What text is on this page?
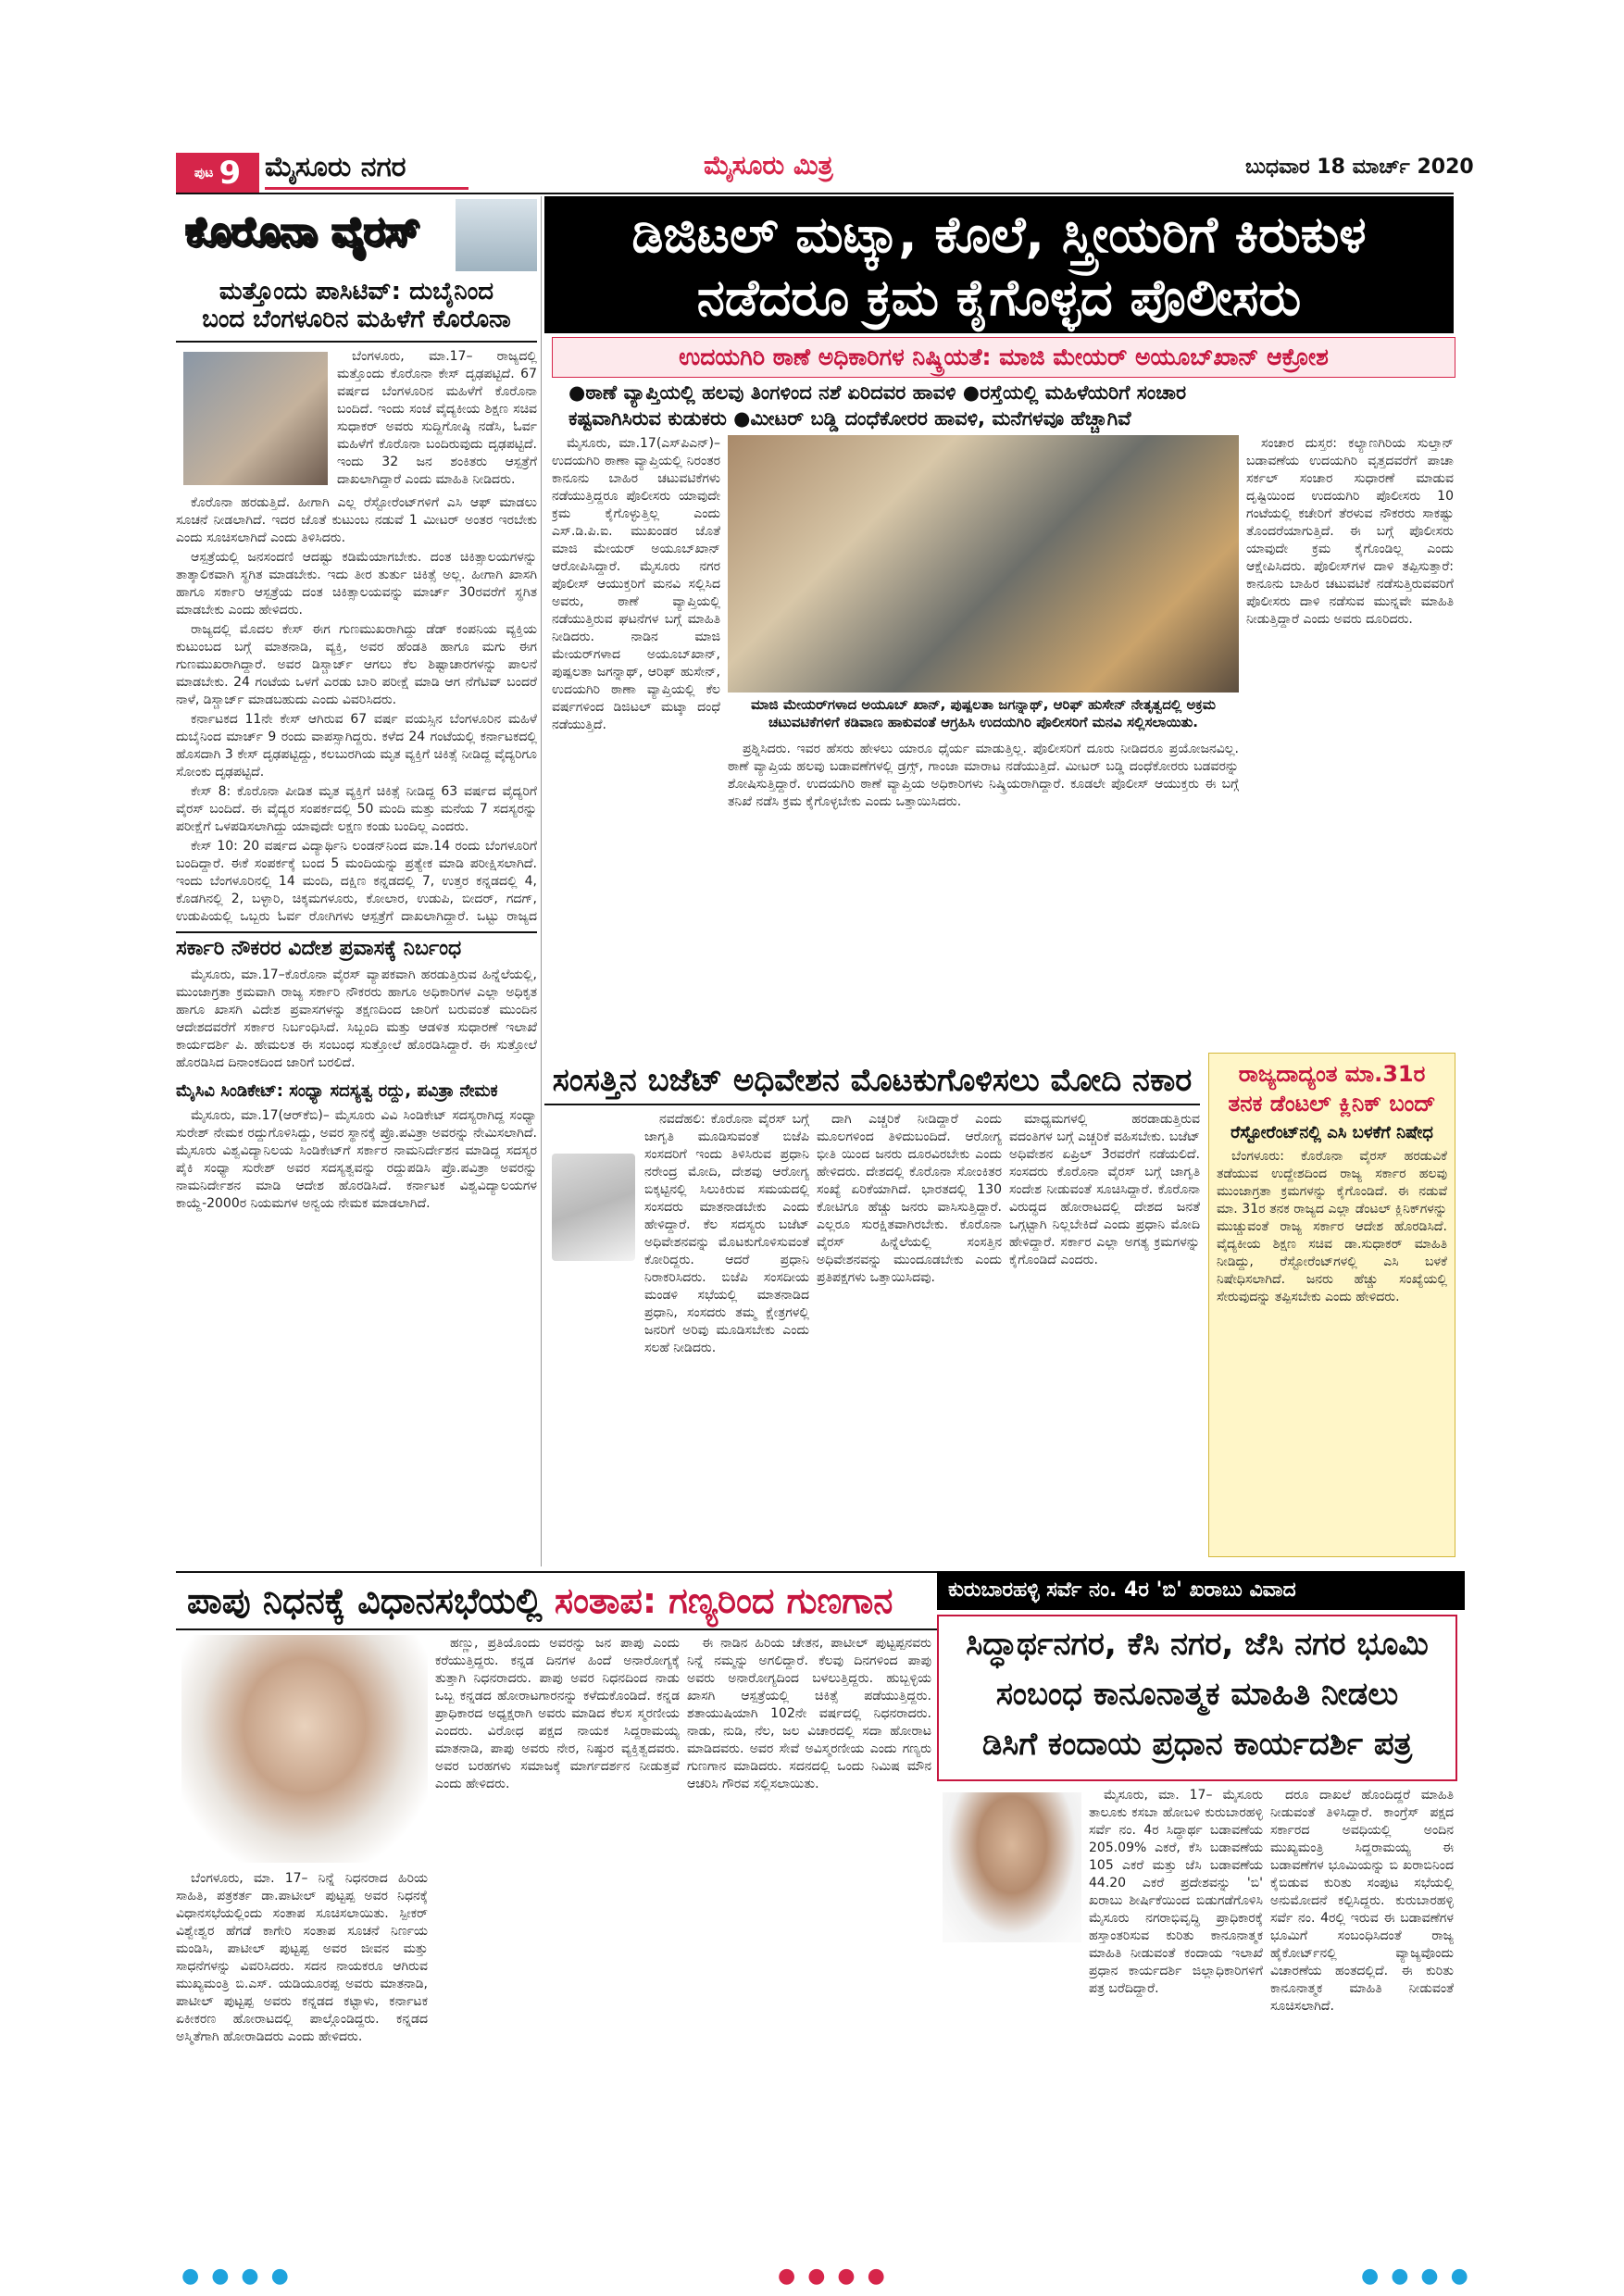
ಪುಟ 9 ಮೈಸೂರು ನಗರ	ಮೈಸೂರು ಮಿತ್ರ	ಬುಧವಾರ 18 ಮಾರ್ಚ್ 2020
ಕೊರೊನಾ ವೈರಸ್
ಮತ್ತೊಂದು ಪಾಸಿಟಿವ್: ದುಬೈನಿಂದ
ಬಂದ ಬೆಂಗಳೂರಿನ ಮಹಿಳೆಗೆ ಕೊರೊನಾ

ಬೆಂಗಳೂರು, ಮಾ.17– ರಾಜ್ಯದಲ್ಲಿ ಮತ್ತೊಂದು ಕೊರೊನಾ ಕೇಸ್ ದೃಢಪಟ್ಟಿದೆ. 67 ವರ್ಷದ ಬೆಂಗಳೂರಿನ ಮಹಿಳೆಗೆ ಕೊರೊನಾ ಬಂದಿದೆ. ಇಂದು ಸಂಜೆ ವೈದ್ಯಕೀಯ ಶಿಕ್ಷಣ ಸಚಿವ ಸುಧಾಕರ್ ಅವರು ಸುದ್ದಿಗೋಷ್ಠಿ ನಡೆಸಿ, ಓರ್ವ ಮಹಿಳೆಗೆ ಕೊರೊನಾ ಬಂದಿರುವುದು ದೃಢಪಟ್ಟಿದೆ. ಇಂದು 32 ಜನ ಶಂಕಿತರು ಆಸ್ಪತ್ರೆಗೆ ದಾಖಲಾಗಿದ್ದಾರೆ ಎಂದು ಮಾಹಿತಿ ನೀಡಿದರು.

ಕೊರೊನಾ ಹರಡುತ್ತಿದೆ. ಹೀಗಾಗಿ ಎಲ್ಲ ರೆಸ್ಟೋರೆಂಟ್‌ಗಳಿಗೆ ಎಸಿ ಆಫ್ ಮಾಡಲು ಸೂಚನೆ ನೀಡಲಾಗಿದೆ. ಇದರ ಜೊತೆ ಕುಟುಂಬ ನಡುವೆ 1 ಮೀಟರ್ ಅಂತರ ಇರಬೇಕು ಎಂದು ಸೂಚಿಸಲಾಗಿದೆ ಎಂದು ತಿಳಿಸಿದರು.

ಆಸ್ಪತ್ರೆಯಲ್ಲಿ ಜನಸಂದಣಿ ಆದಷ್ಟು ಕಡಿಮೆಯಾಗಬೇಕು. ದಂತ ಚಿಕಿತ್ಸಾಲಯಗಳನ್ನು ತಾತ್ಕಾಲಿಕವಾಗಿ ಸ್ಥಗಿತ ಮಾಡಬೇಕು. ಇದು ತೀರ ತುರ್ತು ಚಿಕಿತ್ಸೆ ಅಲ್ಲ. ಹೀಗಾಗಿ ಖಾಸಗಿ ಹಾಗೂ ಸರ್ಕಾರಿ ಆಸ್ಪತ್ರೆಯ ದಂತ ಚಿಕಿತ್ಸಾಲಯವನ್ನು ಮಾರ್ಚ್ 30ರವರೆಗೆ ಸ್ಥಗಿತ ಮಾಡಬೇಕು ಎಂದು ಹೇಳಿದರು.

ರಾಜ್ಯದಲ್ಲಿ ಮೊದಲ ಕೇಸ್ ಈಗ ಗುಣಮುಖರಾಗಿದ್ದು ಡೆಡ್ ಕಂಪನಿಯ ವ್ಯಕ್ತಿಯ ಕುಟುಂಬದ ಬಗ್ಗೆ ಮಾತನಾಡಿ, ವ್ಯಕ್ತಿ, ಅವರ ಹೆಂಡತಿ ಹಾಗೂ ಮಗು ಈಗ ಗುಣಮುಖರಾಗಿದ್ದಾರೆ. ಅವರ ಡಿಸ್ಚಾರ್ಜ್ ಆಗಲು ಕೆಲ ಶಿಷ್ಟಾಚಾರಗಳನ್ನು ಪಾಲನೆ ಮಾಡಬೇಕು. 24 ಗಂಟೆಯ ಒಳಗೆ ಎರಡು ಬಾರಿ ಪರೀಕ್ಷೆ ಮಾಡಿ ಆಗ ನೆಗೆಟಿವ್ ಬಂದರೆ ನಾಳೆ, ಡಿಸ್ಚಾರ್ಜ್ ಮಾಡಬಹುದು ಎಂದು ವಿವರಿಸಿದರು.

ಕರ್ನಾಟಕದ 11ನೇ ಕೇಸ್ ಆಗಿರುವ 67 ವರ್ಷ ವಯಸ್ಸಿನ ಬೆಂಗಳೂರಿನ ಮಹಿಳೆ ದುಬೈನಿಂದ ಮಾರ್ಚ್ 9 ರಂದು ವಾಪಸ್ಸಾಗಿದ್ದರು. ಕಳೆದ 24 ಗಂಟೆಯಲ್ಲಿ ಕರ್ನಾಟಕದಲ್ಲಿ ಹೊಸದಾಗಿ 3 ಕೇಸ್ ದೃಢಪಟ್ಟಿದ್ದು, ಕಲಬುರಗಿಯ ಮೃತ ವ್ಯಕ್ತಿಗೆ ಚಿಕಿತ್ಸೆ ನೀಡಿದ್ದ ವೈದ್ಯರಿಗೂ ಸೋಂಕು ದೃಢಪಟ್ಟಿದೆ.

ಕೇಸ್ 8: ಕೊರೊನಾ ಪೀಡಿತ ಮೃತ ವ್ಯಕ್ತಿಗೆ ಚಿಕಿತ್ಸೆ ನೀಡಿದ್ದ 63 ವರ್ಷದ ವೈದ್ಯರಿಗೆ ವೈರಸ್ ಬಂದಿದೆ. ಈ ವೈದ್ಯರ ಸಂಪರ್ಕದಲ್ಲಿ 50 ಮಂದಿ ಮತ್ತು ಮನೆಯ 7 ಸದಸ್ಯರನ್ನು ಪರೀಕ್ಷೆಗೆ ಒಳಪಡಿಸಲಾಗಿದ್ದು ಯಾವುದೇ ಲಕ್ಷಣ ಕಂಡು ಬಂದಿಲ್ಲ ಎಂದರು.

ಕೇಸ್ 10: 20 ವರ್ಷದ ವಿದ್ಯಾರ್ಥಿನಿ ಲಂಡನ್‌ನಿಂದ ಮಾ.14 ರಂದು ಬೆಂಗಳೂರಿಗೆ ಬಂದಿದ್ದಾರೆ. ಈಕೆ ಸಂಪರ್ಕಕ್ಕೆ ಬಂದ 5 ಮಂದಿಯನ್ನು ಪ್ರತ್ಯೇಕ ಮಾಡಿ ಪರೀಕ್ಷಿಸಲಾಗಿದೆ. ಇಂದು ಬೆಂಗಳೂರಿನಲ್ಲಿ 14 ಮಂದಿ, ದಕ್ಷಿಣ ಕನ್ನಡದಲ್ಲಿ 7, ಉತ್ತರ ಕನ್ನಡದಲ್ಲಿ 4, ಕೊಡಗಿನಲ್ಲಿ 2, ಬಳ್ಳಾರಿ, ಚಿಕ್ಕಮಗಳೂರು, ಕೋಲಾರ, ಉಡುಪಿ, ಬೀದರ್, ಗದಗ್, ಉಡುಪಿಯಲ್ಲಿ ಒಬ್ಬರು ಓರ್ವ ರೋಗಿಗಳು ಆಸ್ಪತ್ರೆಗೆ ದಾಖಲಾಗಿದ್ದಾರೆ. ಒಟ್ಟು ರಾಜ್ಯದ

ಸರ್ಕಾರಿ ನೌಕರರ ವಿದೇಶ ಪ್ರವಾಸಕ್ಕೆ ನಿರ್ಬಂಧ

ಮೈಸೂರು, ಮಾ.17–ಕೊರೊನಾ ವೈರಸ್ ವ್ಯಾಪಕವಾಗಿ ಹರಡುತ್ತಿರುವ ಹಿನ್ನೆಲೆಯಲ್ಲಿ, ಮುಂಜಾಗ್ರತಾ ಕ್ರಮವಾಗಿ ರಾಜ್ಯ ಸರ್ಕಾರಿ ನೌಕರರು ಹಾಗೂ ಅಧಿಕಾರಿಗಳ ಎಲ್ಲಾ ಅಧಿಕೃತ ಹಾಗೂ ಖಾಸಗಿ ವಿದೇಶ ಪ್ರವಾಸಗಳನ್ನು ತಕ್ಷಣದಿಂದ ಜಾರಿಗೆ ಬರುವಂತೆ ಮುಂದಿನ ಆದೇಶದವರೆಗೆ ಸರ್ಕಾರ ನಿರ್ಬಂಧಿಸಿದೆ. ಸಿಬ್ಬಂದಿ ಮತ್ತು ಆಡಳಿತ ಸುಧಾರಣೆ ಇಲಾಖೆ ಕಾರ್ಯದರ್ಶಿ ಪಿ. ಹೇಮಲತ ಈ ಸಂಬಂಧ ಸುತ್ತೋಲೆ ಹೊರಡಿಸಿದ್ದಾರೆ. ಈ ಸುತ್ತೋಲೆ ಹೊರಡಿಸಿದ ದಿನಾಂಕದಿಂದ ಜಾರಿಗೆ ಬರಲಿದೆ.

ಮೈಸಿವಿ ಸಿಂಡಿಕೇಟ್: ಸಂಧ್ಯಾ ಸದಸ್ಯತ್ವ ರದ್ದು, ಪವಿತ್ರಾ ನೇಮಕ

ಮೈಸೂರು, ಮಾ.17(ಆರ್‌ಕೆಬಿ)– ಮೈಸೂರು ವಿವಿ ಸಿಂಡಿಕೇಟ್ ಸದಸ್ಯರಾಗಿದ್ದ ಸಂಧ್ಯಾ ಸುರೇಶ್ ನೇಮಕ ರದ್ದುಗೊಳಿಸಿದ್ದು, ಅವರ ಸ್ಥಾನಕ್ಕೆ ಪ್ರೊ.ಪವಿತ್ರಾ ಅವರನ್ನು ನೇಮಿಸಲಾಗಿದೆ. ಮೈಸೂರು ವಿಶ್ವವಿದ್ಯಾನಿಲಯ ಸಿಂಡಿಕೇಟ್‌ಗೆ ಸರ್ಕಾರ ನಾಮನಿರ್ದೇಶನ ಮಾಡಿದ್ದ ಸದಸ್ಯರ ಪೈಕಿ ಸಂಧ್ಯಾ ಸುರೇಶ್ ಅವರ ಸದಸ್ಯತ್ವವನ್ನು ರದ್ದುಪಡಿಸಿ ಪ್ರೊ.ಪವಿತ್ರಾ ಅವರನ್ನು ನಾಮನಿರ್ದೇಶನ ಮಾಡಿ ಆದೇಶ ಹೊರಡಿಸಿದೆ. ಕರ್ನಾಟಕ ವಿಶ್ವವಿದ್ಯಾಲಯಗಳ ಕಾಯ್ದೆ-2000ರ ನಿಯಮಗಳ ಅನ್ವಯ ನೇಮಕ ಮಾಡಲಾಗಿದೆ.

ಡಿಜಿಟಲ್ ಮಟ್ಕಾ, ಕೊಲೆ, ಸ್ತ್ರೀಯರಿಗೆ ಕಿರುಕುಳ
ನಡೆದರೂ ಕ್ರಮ ಕೈಗೊಳ್ಳದ ಪೊಲೀಸರು
ಉದಯಗಿರಿ ಠಾಣೆ ಅಧಿಕಾರಿಗಳ ನಿಷ್ಕ್ರಿಯತೆ: ಮಾಜಿ ಮೇಯರ್ ಅಯೂಬ್‌ಖಾನ್ ಆಕ್ರೋಶ
●ಠಾಣೆ ವ್ಯಾಪ್ತಿಯಲ್ಲಿ ಹಲವು ತಿಂಗಳಿಂದ ನಶೆ ಏರಿದವರ ಹಾವಳಿ ●ರಸ್ತೆಯಲ್ಲಿ ಮಹಿಳೆಯರಿಗೆ ಸಂಚಾರ
ಕಷ್ಟವಾಗಿಸಿರುವ ಕುಡುಕರು ●ಮೀಟರ್ ಬಡ್ಡಿ ದಂಧೆಕೋರರ ಹಾವಳಿ, ಮನೆಗಳವೂ ಹೆಚ್ಚಾಗಿವೆ

ಮೈಸೂರು, ಮಾ.17(ಎಸ್‌ಪಿಎನ್)– ಉದಯಗಿರಿ ಠಾಣಾ ವ್ಯಾಪ್ತಿಯಲ್ಲಿ ನಿರಂತರ ಕಾನೂನು ಬಾಹಿರ ಚಟುವಟಿಕೆಗಳು ನಡೆಯುತ್ತಿದ್ದರೂ ಪೊಲೀಸರು ಯಾವುದೇ ಕ್ರಮ ಕೈಗೊಳ್ಳುತ್ತಿಲ್ಲ ಎಂದು ಎಸ್.ಡಿ.ಪಿ.ಐ. ಮುಖಂಡರ ಜೊತೆ ಮಾಜಿ ಮೇಯರ್ ಅಯೂಬ್‌ಖಾನ್ ಆರೋಪಿಸಿದ್ದಾರೆ. ಮೈಸೂರು ನಗರ ಪೊಲೀಸ್ ಆಯುಕ್ತರಿಗೆ ಮನವಿ ಸಲ್ಲಿಸಿದ ಅವರು, ಠಾಣೆ ವ್ಯಾಪ್ತಿಯಲ್ಲಿ ನಡೆಯುತ್ತಿರುವ ಘಟನೆಗಳ ಬಗ್ಗೆ ಮಾಹಿತಿ ನೀಡಿದರು. ನಾಡಿನ ಮಾಜಿ ಮೇಯರ್‌ಗಳಾದ ಅಯೂಬ್‌ಖಾನ್, ಪುಷ್ಪಲತಾ ಜಗನ್ನಾಥ್, ಆರಿಫ್ ಹುಸೇನ್, ಉದಯಗಿರಿ ಠಾಣಾ ವ್ಯಾಪ್ತಿಯಲ್ಲಿ ಕೆಲ ವರ್ಷಗಳಿಂದ ಡಿಜಿಟಲ್ ಮಟ್ಕಾ ದಂಧೆ ನಡೆಯುತ್ತಿದೆ.

ಮಾಜಿ ಮೇಯರ್‌ಗಳಾದ ಅಯೂಬ್ ಖಾನ್, ಪುಷ್ಪಲತಾ ಜಗನ್ನಾಥ್, ಆರಿಫ್ ಹುಸೇನ್ ನೇತೃತ್ವದಲ್ಲಿ ಅಕ್ರಮ
ಚಟುವಟಿಕೆಗಳಿಗೆ ಕಡಿವಾಣ ಹಾಕುವಂತೆ ಆಗ್ರಹಿಸಿ ಉದಯಗಿರಿ ಪೊಲೀಸರಿಗೆ ಮನವಿ ಸಲ್ಲಿಸಲಾಯಿತು.

ಪ್ರಶ್ನಿಸಿದರು. ಇವರ ಹೆಸರು ಹೇಳಲು ಯಾರೂ ಧೈರ್ಯ ಮಾಡುತ್ತಿಲ್ಲ. ಪೊಲೀಸರಿಗೆ ದೂರು ನೀಡಿದರೂ ಪ್ರಯೋಜನವಿಲ್ಲ. ಠಾಣೆ ವ್ಯಾಪ್ತಿಯ ಹಲವು ಬಡಾವಣೆಗಳಲ್ಲಿ ಡ್ರಗ್ಸ್, ಗಾಂಜಾ ಮಾರಾಟ ನಡೆಯುತ್ತಿದೆ. ಮೀಟರ್ ಬಡ್ಡಿ ದಂಧೆಕೋರರು ಬಡವರನ್ನು ಶೋಷಿಸುತ್ತಿದ್ದಾರೆ. ಉದಯಗಿರಿ ಠಾಣೆ ವ್ಯಾಪ್ತಿಯ ಅಧಿಕಾರಿಗಳು ನಿಷ್ಕ್ರಿಯರಾಗಿದ್ದಾರೆ. ಕೂಡಲೇ ಪೊಲೀಸ್ ಆಯುಕ್ತರು ಈ ಬಗ್ಗೆ ತನಿಖೆ ನಡೆಸಿ ಕ್ರಮ ಕೈಗೊಳ್ಳಬೇಕು ಎಂದು ಒತ್ತಾಯಿಸಿದರು.

ಸಂಚಾರ ದುಸ್ತರ: ಕಲ್ಯಾಣಗಿರಿಯ ಸುಲ್ತಾನ್ ಬಡಾವಣೆಯ ಉದಯಗಿರಿ ವೃತ್ತದವರೆಗೆ ಪಾಚಾ ಸರ್ಕಲ್ ಸಂಚಾರ ಸುಧಾರಣೆ ಮಾಡುವ ದೃಷ್ಟಿಯಿಂದ ಉದಯಗಿರಿ ಪೊಲೀಸರು 10 ಗಂಟೆಯಲ್ಲಿ ಕಚೇರಿಗೆ ತೆರಳುವ ನೌಕರರು ಸಾಕಷ್ಟು ತೊಂದರೆಯಾಗುತ್ತಿದೆ. ಈ ಬಗ್ಗೆ ಪೊಲೀಸರು ಯಾವುದೇ ಕ್ರಮ ಕೈಗೊಂಡಿಲ್ಲ ಎಂದು ಆಕ್ಷೇಪಿಸಿದರು. ಪೊಲೀಸ್‌ಗಳ ದಾಳಿ ತಪ್ಪಿಸುತ್ತಾರೆ: ಕಾನೂನು ಬಾಹಿರ ಚಟುವಟಿಕೆ ನಡೆಸುತ್ತಿರುವವರಿಗೆ ಪೊಲೀಸರು ದಾಳಿ ನಡೆಸುವ ಮುನ್ನವೇ ಮಾಹಿತಿ ನೀಡುತ್ತಿದ್ದಾರೆ ಎಂದು ಅವರು ದೂರಿದರು.

ಸಂಸತ್ತಿನ ಬಜೆಟ್ ಅಧಿವೇಶನ ಮೊಟಕುಗೊಳಿಸಲು ಮೋದಿ ನಕಾರ

ನವದೆಹಲಿ: ಕೊರೊನಾ ವೈರಸ್ ಬಗ್ಗೆ ಜಾಗೃತಿ ಮೂಡಿಸುವಂತೆ ಬಿಜೆಪಿ ಸಂಸದರಿಗೆ ಇಂದು ತಿಳಿಸಿರುವ ಪ್ರಧಾನಿ ನರೇಂದ್ರ ಮೋದಿ, ದೇಶವು ಆರೋಗ್ಯ ಬಿಕ್ಕಟ್ಟಿನಲ್ಲಿ ಸಿಲುಕಿರುವ ಸಮಯದಲ್ಲಿ ಸಂಸದರು ಮಾತನಾಡಬೇಕು ಎಂದು ಹೇಳಿದ್ದಾರೆ. ಕೆಲ ಸದಸ್ಯರು ಬಜೆಟ್ ಅಧಿವೇಶನವನ್ನು ಮೊಟಕುಗೊಳಿಸುವಂತೆ ಕೋರಿದ್ದರು. ಆದರೆ ಪ್ರಧಾನಿ ನಿರಾಕರಿಸಿದರು. ಬಿಜೆಪಿ ಸಂಸದೀಯ ಮಂಡಳಿ ಸಭೆಯಲ್ಲಿ ಮಾತನಾಡಿದ ಪ್ರಧಾನಿ, ಸಂಸದರು ತಮ್ಮ ಕ್ಷೇತ್ರಗಳಲ್ಲಿ ಜನರಿಗೆ ಅರಿವು ಮೂಡಿಸಬೇಕು ಎಂದು ಸಲಹೆ ನೀಡಿದರು.

ದಾಗಿ ಎಚ್ಚರಿಕೆ ನೀಡಿದ್ದಾರೆ ಎಂದು ಮೂಲಗಳಿಂದ ತಿಳಿದುಬಂದಿದೆ. ಆರೋಗ್ಯ ಭೀತಿ ಯಿಂದ ಜನರು ದೂರವಿರಬೇಕು ಎಂದು ಹೇಳಿದರು. ದೇಶದಲ್ಲಿ ಕೊರೊನಾ ಸೋಂಕಿತರ ಸಂಖ್ಯೆ ಏರಿಕೆಯಾಗಿದೆ. ಭಾರತದಲ್ಲಿ 130 ಕೋಟಿಗೂ ಹೆಚ್ಚು ಜನರು ವಾಸಿಸುತ್ತಿದ್ದಾರೆ. ಎಲ್ಲರೂ ಸುರಕ್ಷಿತವಾಗಿರಬೇಕು. ಕೊರೊನಾ ವೈರಸ್ ಹಿನ್ನೆಲೆಯಲ್ಲಿ ಸಂಸತ್ತಿನ ಅಧಿವೇಶನವನ್ನು ಮುಂದೂಡಬೇಕು ಎಂದು ಪ್ರತಿಪಕ್ಷಗಳು ಒತ್ತಾಯಿಸಿದವು.

ಮಾಧ್ಯಮಗಳಲ್ಲಿ ಹರಡಾಡುತ್ತಿರುವ ವದಂತಿಗಳ ಬಗ್ಗೆ ಎಚ್ಚರಿಕೆ ವಹಿಸಬೇಕು. ಬಜೆಟ್ ಅಧಿವೇಶನ ಏಪ್ರಿಲ್ 3ರವರೆಗೆ ನಡೆಯಲಿದೆ. ಸಂಸದರು ಕೊರೊನಾ ವೈರಸ್ ಬಗ್ಗೆ ಜಾಗೃತಿ ಸಂದೇಶ ನೀಡುವಂತೆ ಸೂಚಿಸಿದ್ದಾರೆ. ಕೊರೊನಾ ವಿರುದ್ಧದ ಹೋರಾಟದಲ್ಲಿ ದೇಶದ ಜನತೆ ಒಗ್ಗಟ್ಟಾಗಿ ನಿಲ್ಲಬೇಕಿದೆ ಎಂದು ಪ್ರಧಾನಿ ಮೋದಿ ಹೇಳಿದ್ದಾರೆ. ಸರ್ಕಾರ ಎಲ್ಲಾ ಅಗತ್ಯ ಕ್ರಮಗಳನ್ನು ಕೈಗೊಂಡಿದೆ ಎಂದರು.

ರಾಜ್ಯದಾದ್ಯಂತ ಮಾ.31ರ
ತನಕ ಡೆಂಟಲ್ ಕ್ಲಿನಿಕ್ ಬಂದ್
ರೆಸ್ಟೋರೆಂಟ್‌ನಲ್ಲಿ ಎಸಿ ಬಳಕೆಗೆ ನಿಷೇಧ

ಬೆಂಗಳೂರು: ಕೊರೊನಾ ವೈರಸ್ ಹರಡುವಿಕೆ ತಡೆಯುವ ಉದ್ದೇಶದಿಂದ ರಾಜ್ಯ ಸರ್ಕಾರ ಹಲವು ಮುಂಜಾಗ್ರತಾ ಕ್ರಮಗಳನ್ನು ಕೈಗೊಂಡಿದೆ. ಈ ನಡುವೆ ಮಾ. 31ರ ತನಕ ರಾಜ್ಯದ ಎಲ್ಲಾ ಡೆಂಟಲ್ ಕ್ಲಿನಿಕ್‌ಗಳನ್ನು ಮುಚ್ಚುವಂತೆ ರಾಜ್ಯ ಸರ್ಕಾರ ಆದೇಶ ಹೊರಡಿಸಿದೆ. ವೈದ್ಯಕೀಯ ಶಿಕ್ಷಣ ಸಚಿವ ಡಾ.ಸುಧಾಕರ್ ಮಾಹಿತಿ ನೀಡಿದ್ದು, ರೆಸ್ಟೋರೆಂಟ್‌ಗಳಲ್ಲಿ ಎಸಿ ಬಳಕೆ ನಿಷೇಧಿಸಲಾಗಿದೆ. ಜನರು ಹೆಚ್ಚು ಸಂಖ್ಯೆಯಲ್ಲಿ ಸೇರುವುದನ್ನು ತಪ್ಪಿಸಬೇಕು ಎಂದು ಹೇಳಿದರು.

ಪಾಪು ನಿಧನಕ್ಕೆ ವಿಧಾನಸಭೆಯಲ್ಲಿ ಸಂತಾಪ: ಗಣ್ಯರಿಂದ ಗುಣಗಾನ

ಬೆಂಗಳೂರು, ಮಾ. 17– ನಿನ್ನೆ ನಿಧನರಾದ ಹಿರಿಯ ಸಾಹಿತಿ, ಪತ್ರಕರ್ತ ಡಾ.ಪಾಟೀಲ್ ಪುಟ್ಟಪ್ಪ ಅವರ ನಿಧನಕ್ಕೆ ವಿಧಾನಸಭೆಯಲ್ಲಿಂದು ಸಂತಾಪ ಸೂಚಿಸಲಾಯಿತು. ಸ್ಪೀಕರ್ ವಿಶ್ವೇಶ್ವರ ಹೆಗಡೆ ಕಾಗೇರಿ ಸಂತಾಪ ಸೂಚನೆ ನಿರ್ಣಯ ಮಂಡಿಸಿ, ಪಾಟೀಲ್ ಪುಟ್ಟಪ್ಪ ಅವರ ಜೀವನ ಮತ್ತು ಸಾಧನೆಗಳನ್ನು ವಿವರಿಸಿದರು. ಸದನ ನಾಯಕರೂ ಆಗಿರುವ ಮುಖ್ಯಮಂತ್ರಿ ಬಿ.ಎಸ್. ಯಡಿಯೂರಪ್ಪ ಅವರು ಮಾತನಾಡಿ, ಪಾಟೀಲ್ ಪುಟ್ಟಪ್ಪ ಅವರು ಕನ್ನಡದ ಕಟ್ಟಾಳು, ಕರ್ನಾಟಕ ಏಕೀಕರಣ ಹೋರಾಟದಲ್ಲಿ ಪಾಲ್ಗೊಂಡಿದ್ದರು. ಕನ್ನಡದ ಅಸ್ಮಿತೆಗಾಗಿ ಹೋರಾಡಿದರು ಎಂದು ಹೇಳಿದರು.

ಹಣ್ಣು, ಪ್ರತಿಯೊಂದು ಅವರನ್ನು ಜನ ಪಾಪು ಎಂದು ಕರೆಯುತ್ತಿದ್ದರು. ಕನ್ನಡ ದಿನಗಳ ಹಿಂದೆ ಅನಾರೋಗ್ಯಕ್ಕೆ ತುತ್ತಾಗಿ ನಿಧನರಾದರು. ಪಾಪು ಅವರ ನಿಧನದಿಂದ ನಾಡು ಒಬ್ಬ ಕನ್ನಡದ ಹೋರಾಟಗಾರನನ್ನು ಕಳೆದುಕೊಂಡಿದೆ. ಕನ್ನಡ ಪ್ರಾಧಿಕಾರದ ಅಧ್ಯಕ್ಷರಾಗಿ ಅವರು ಮಾಡಿದ ಕೆಲಸ ಸ್ಮರಣೀಯ ಎಂದರು. ವಿರೋಧ ಪಕ್ಷದ ನಾಯಕ ಸಿದ್ದರಾಮಯ್ಯ ಮಾತನಾಡಿ, ಪಾಪು ಅವರು ನೇರ, ನಿಷ್ಠುರ ವ್ಯಕ್ತಿತ್ವದವರು. ಅವರ ಬರಹಗಳು ಸಮಾಜಕ್ಕೆ ಮಾರ್ಗದರ್ಶನ ನೀಡುತ್ತವೆ ಎಂದು ಹೇಳಿದರು.

ಈ ನಾಡಿನ ಹಿರಿಯ ಚೇತನ, ಪಾಟೀಲ್ ಪುಟ್ಟಪ್ಪನವರು ನಿನ್ನೆ ನಮ್ಮನ್ನು ಅಗಲಿದ್ದಾರೆ. ಕೆಲವು ದಿನಗಳಿಂದ ಪಾಪು ಅವರು ಅನಾರೋಗ್ಯದಿಂದ ಬಳಲುತ್ತಿದ್ದರು. ಹುಬ್ಬಳ್ಳಿಯ ಖಾಸಗಿ ಆಸ್ಪತ್ರೆಯಲ್ಲಿ ಚಿಕಿತ್ಸೆ ಪಡೆಯುತ್ತಿದ್ದರು. ಶತಾಯುಷಿಯಾಗಿ 102ನೇ ವರ್ಷದಲ್ಲಿ ನಿಧನರಾದರು. ನಾಡು, ನುಡಿ, ನೆಲ, ಜಲ ವಿಚಾರದಲ್ಲಿ ಸದಾ ಹೋರಾಟ ಮಾಡಿದವರು. ಅವರ ಸೇವೆ ಅವಿಸ್ಮರಣೀಯ ಎಂದು ಗಣ್ಯರು ಗುಣಗಾನ ಮಾಡಿದರು. ಸದನದಲ್ಲಿ ಒಂದು ನಿಮಿಷ ಮೌನ ಆಚರಿಸಿ ಗೌರವ ಸಲ್ಲಿಸಲಾಯಿತು.

ಕುರುಬಾರಹಳ್ಳಿ ಸರ್ವೆ ನಂ. 4ರ 'ಬಿ' ಖರಾಬು ವಿವಾದ
ಸಿದ್ಧಾರ್ಥನಗರ, ಕೆಸಿ ನಗರ, ಜೆಸಿ ನಗರ ಭೂಮಿ
ಸಂಬಂಧ ಕಾನೂನಾತ್ಮಕ ಮಾಹಿತಿ ನೀಡಲು
ಡಿಸಿಗೆ ಕಂದಾಯ ಪ್ರಧಾನ ಕಾರ್ಯದರ್ಶಿ ಪತ್ರ

ಮೈಸೂರು, ಮಾ. 17– ಮೈಸೂರು ತಾಲೂಕು ಕಸಬಾ ಹೋಬಳಿ ಕುರುಬಾರಹಳ್ಳಿ ಸರ್ವೆ ನಂ. 4ರ ಸಿದ್ಧಾರ್ಥ ಬಡಾವಣೆಯ 205.09% ಎಕರೆ, ಕೆಸಿ ಬಡಾವಣೆಯ 105 ಎಕರೆ ಮತ್ತು ಜೆಸಿ ಬಡಾವಣೆಯ 44.20 ಎಕರೆ ಪ್ರದೇಶವನ್ನು 'ಬಿ' ಖರಾಬು ಶೀರ್ಷಿಕೆಯಿಂದ ಬಿಡುಗಡೆಗೊಳಿಸಿ ಮೈಸೂರು ನಗರಾಭಿವೃದ್ಧಿ ಪ್ರಾಧಿಕಾರಕ್ಕೆ ಹಸ್ತಾಂತರಿಸುವ ಕುರಿತು ಕಾನೂನಾತ್ಮಕ ಮಾಹಿತಿ ನೀಡುವಂತೆ ಕಂದಾಯ ಇಲಾಖೆ ಪ್ರಧಾನ ಕಾರ್ಯದರ್ಶಿ ಜಿಲ್ಲಾಧಿಕಾರಿಗಳಿಗೆ ಪತ್ರ ಬರೆದಿದ್ದಾರೆ.

ದರೂ ದಾಖಲೆ ಹೊಂದಿದ್ದರೆ ಮಾಹಿತಿ ನೀಡುವಂತೆ ತಿಳಿಸಿದ್ದಾರೆ. ಕಾಂಗ್ರೆಸ್ ಪಕ್ಷದ ಸರ್ಕಾರದ ಅವಧಿಯಲ್ಲಿ ಅಂದಿನ ಮುಖ್ಯಮಂತ್ರಿ ಸಿದ್ದರಾಮಯ್ಯ ಈ ಬಡಾವಣೆಗಳ ಭೂಮಿಯನ್ನು ಬಿ ಖರಾಬಿನಿಂದ ಕೈಬಿಡುವ ಕುರಿತು ಸಂಪುಟ ಸಭೆಯಲ್ಲಿ ಅನುಮೋದನೆ ಕಲ್ಪಿಸಿದ್ದರು. ಕುರುಬಾರಹಳ್ಳಿ ಸರ್ವೆ ನಂ. 4ರಲ್ಲಿ ಇರುವ ಈ ಬಡಾವಣೆಗಳ ಭೂಮಿಗೆ ಸಂಬಂಧಿಸಿದಂತೆ ರಾಜ್ಯ ಹೈಕೋರ್ಟ್‌ನಲ್ಲಿ ವ್ಯಾಜ್ಯವೊಂದು ವಿಚಾರಣೆಯ ಹಂತದಲ್ಲಿದೆ. ಈ ಕುರಿತು ಕಾನೂನಾತ್ಮಕ ಮಾಹಿತಿ ನೀಡುವಂತೆ ಸೂಚಿಸಲಾಗಿದೆ.

● ● ● ●	● ● ● ●	● ● ● ●
